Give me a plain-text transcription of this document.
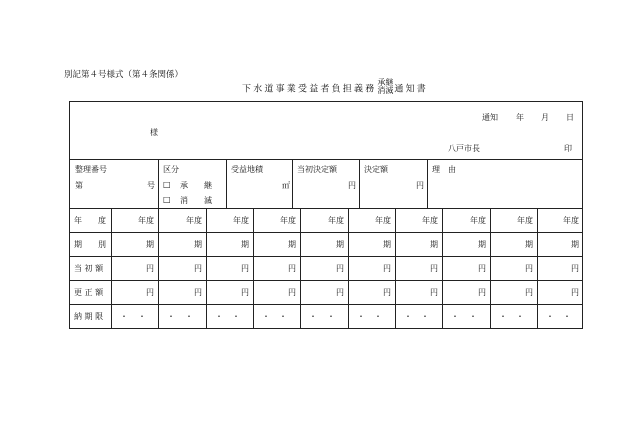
別記第４号様式（第４条関係）
下水道事業受益者負担義務
承継
消滅 通知書
通知 年 月 日
様
八戸市長	印
整理番号
第	号
区分
□ 承　　継
□ 消　　滅
受益地積
㎡
当初決定額
円
決定額
円
理　由
年　　度
期　　別
当 初 額
更 正 額
納 期 限
年度
期
円
円
・ ・
年度
期
円
円
・ ・
年度
期
円
円
・ ・
年度
期
円
円
・ ・
年度
期
円
円
・ ・
年度
期
円
円
・ ・
年度
期
円
円
・ ・
年度
期
円
円
・ ・
年度
期
円
円
・ ・
年度
期
円
円
・ ・
